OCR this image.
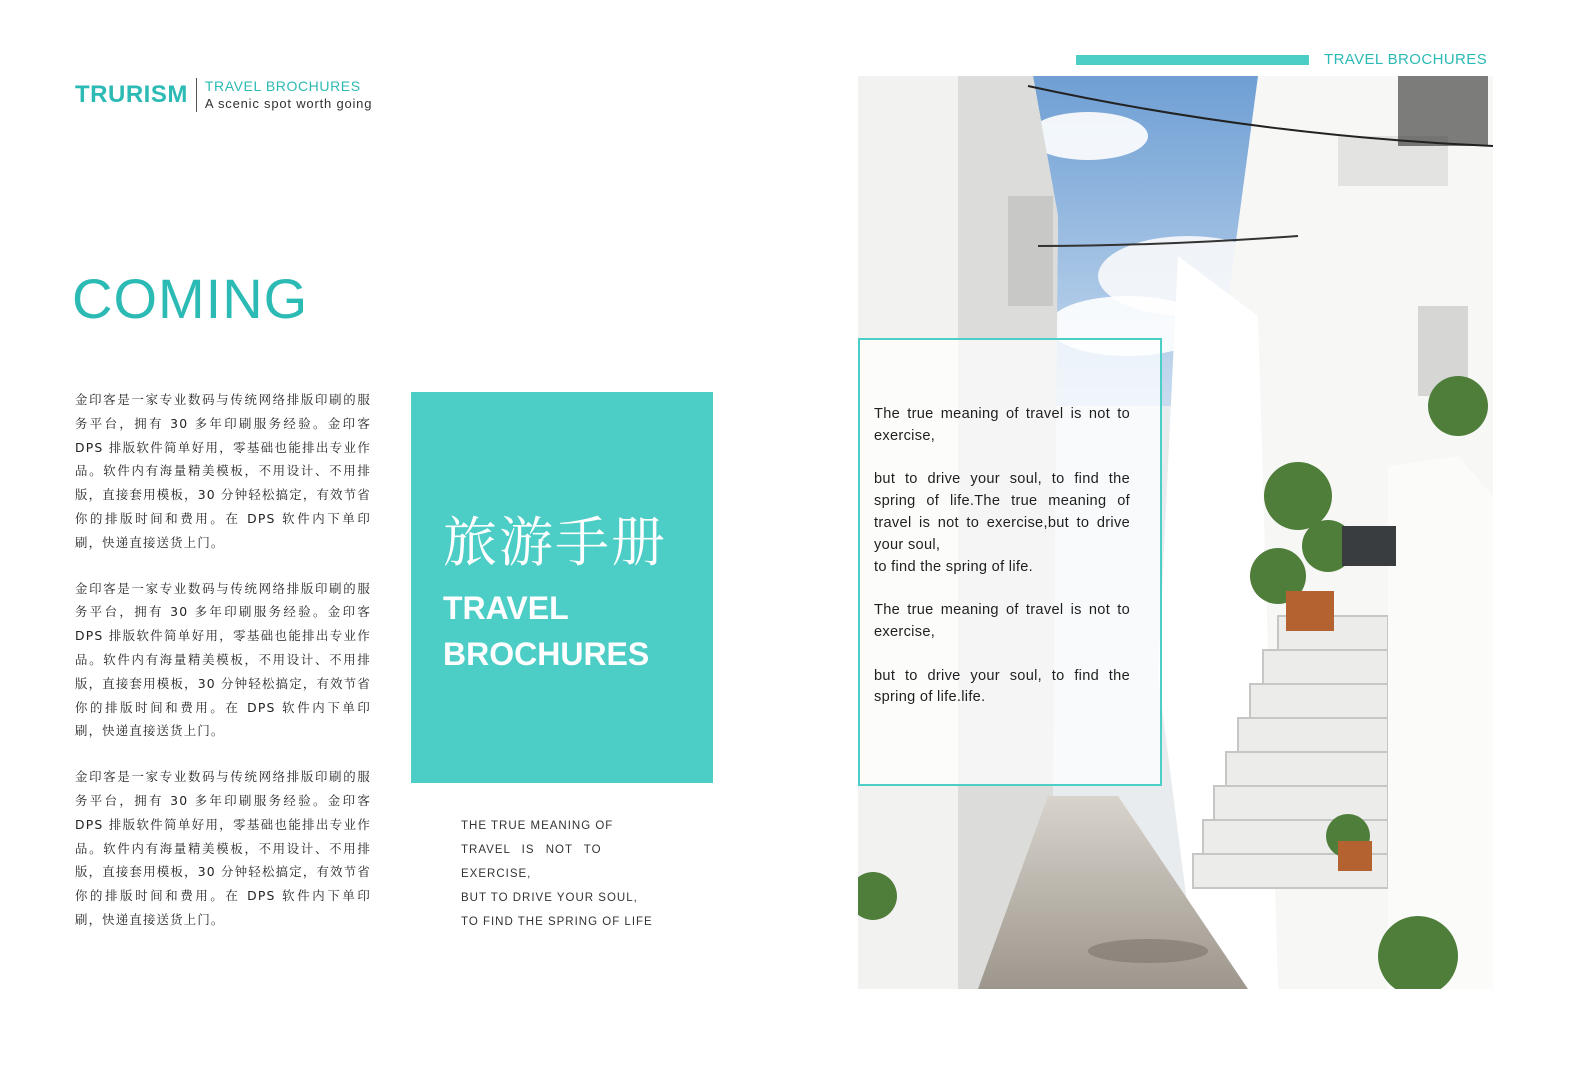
TRURISM TRAVEL BROCHURES
A scenic spot worth going
COMING

金印客是一家专业数码与传统网络排版印刷的服务平台，拥有 30 多年印刷服务经验。金印客 DPS 排版软件简单好用，零基础也能排出专业作品。软件内有海量精美模板，不用设计、不用排版，直接套用模板，30 分钟轻松搞定，有效节省你的排版时间和费用。在 DPS 软件内下单印刷，快递直接送货上门。

金印客是一家专业数码与传统网络排版印刷的服务平台，拥有 30 多年印刷服务经验。金印客 DPS 排版软件简单好用，零基础也能排出专业作品。软件内有海量精美模板，不用设计、不用排版，直接套用模板，30 分钟轻松搞定，有效节省你的排版时间和费用。在 DPS 软件内下单印刷，快递直接送货上门。

金印客是一家专业数码与传统网络排版印刷的服务平台，拥有 30 多年印刷服务经验。金印客 DPS 排版软件简单好用，零基础也能排出专业作品。软件内有海量精美模板，不用设计、不用排版，直接套用模板，30 分钟轻松搞定，有效节省你的排版时间和费用。在 DPS 软件内下单印刷，快递直接送货上门。

旅游手册
TRAVEL
BROCHURES
THE TRUE MEANING OF
TRAVEL IS NOT TO EXERCISE,
BUT TO DRIVE YOUR SOUL,
TO FIND THE SPRING OF LIFE
TRAVEL BROCHURES

The true meaning of travel is not to exercise,

but to drive your soul, to find the spring of life.The true meaning of travel is not to exercise,but to drive your soul,
to find the spring of life.

The true meaning of travel is not to exercise,

but to drive your soul, to find the spring of life.life.
